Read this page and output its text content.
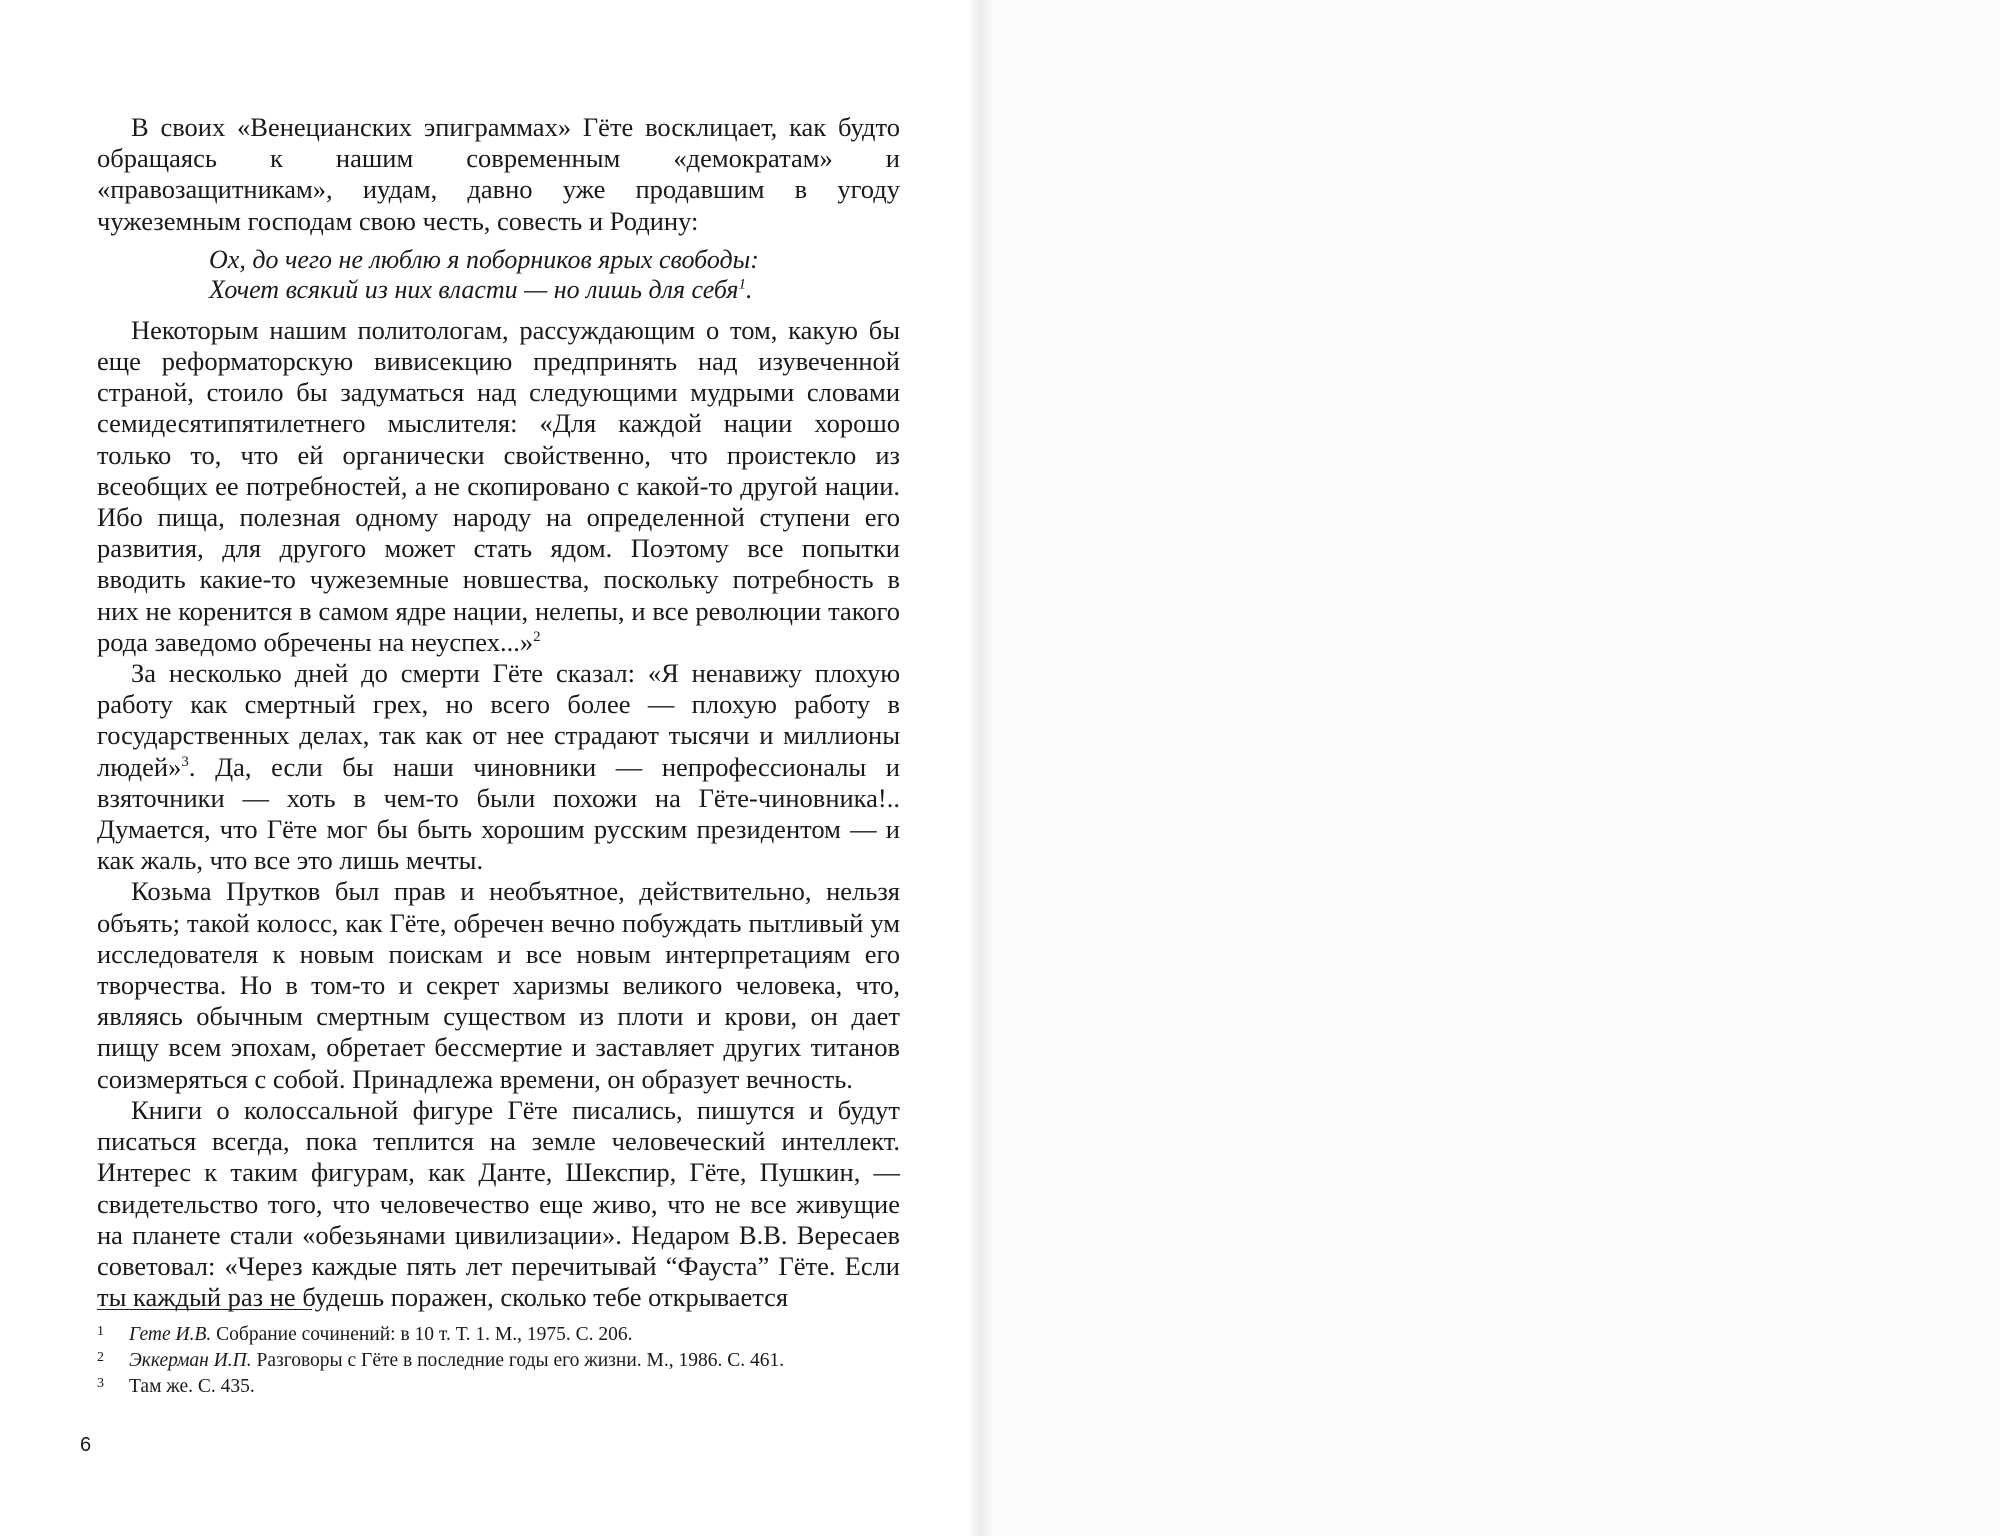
В своих «Венецианских эпиграммах» Гёте восклицает, как будто обращаясь к нашим современным «демократам» и «правозащитникам», иудам, давно уже продавшим в угоду чужеземным господам свою честь, совесть и Родину:

Ох, до чего не люблю я поборников ярых свободы:
Хочет всякий из них власти — но лишь для себя$^1$.

Некоторым нашим политологам, рассуждающим о том, какую бы еще реформаторскую вивисекцию предпринять над изувеченной страной, стоило бы задуматься над следующими мудрыми словами семидесятипятилетнего мыслителя: «Для каждой нации хорошо только то, что ей органически свойственно, что проистекло из всеобщих ее потребностей, а не скопировано с какой-то другой нации. Ибо пища, полезная одному народу на определенной ступени его развития, для другого может стать ядом. Поэтому все попытки вводить какие-то чужеземные новшества, поскольку потребность в них не коренится в самом ядре нации, нелепы, и все революции такого рода заведомо обречены на неуспех...»$^2$

За несколько дней до смерти Гёте сказал: «Я ненавижу плохую работу как смертный грех, но всего более — плохую работу в государственных делах, так как от нее страдают тысячи и миллионы людей»$^3$. Да, если бы наши чиновники — непрофессионалы и взяточники — хоть в чем-то были похожи на Гёте-чиновника!.. Думается, что Гёте мог бы быть хорошим русским президентом — и как жаль, что все это лишь мечты.

Козьма Прутков был прав и необъятное, действительно, нельзя объять; такой колосс, как Гёте, обречен вечно побуждать пытливый ум исследователя к новым поискам и все новым интерпретациям его творчества. Но в том-то и секрет харизмы великого человека, что, являясь обычным смертным существом из плоти и крови, он дает пищу всем эпохам, обретает бессмертие и заставляет других титанов соизмеряться с собой. Принадлежа времени, он образует вечность.

Книги о колоссальной фигуре Гёте писались, пишутся и будут писаться всегда, пока теплится на земле человеческий интеллект. Интерес к таким фигурам, как Данте, Шекспир, Гёте, Пушкин, — свидетельство того, что человечество еще живо, что не все живущие на планете стали «обезьянами цивилизации». Недаром В.В. Вересаев советовал: «Через каждые пять лет перечитывай “Фауста” Гёте. Если ты каждый раз не будешь поражен, сколько тебе открывается

1	Гете И.В. Собрание сочинений: в 10 т. Т. 1. М., 1975. С. 206.
2	Эккерман И.П. Разговоры с Гёте в последние годы его жизни. М., 1986. С. 461.
3	Там же. С. 435.
6
